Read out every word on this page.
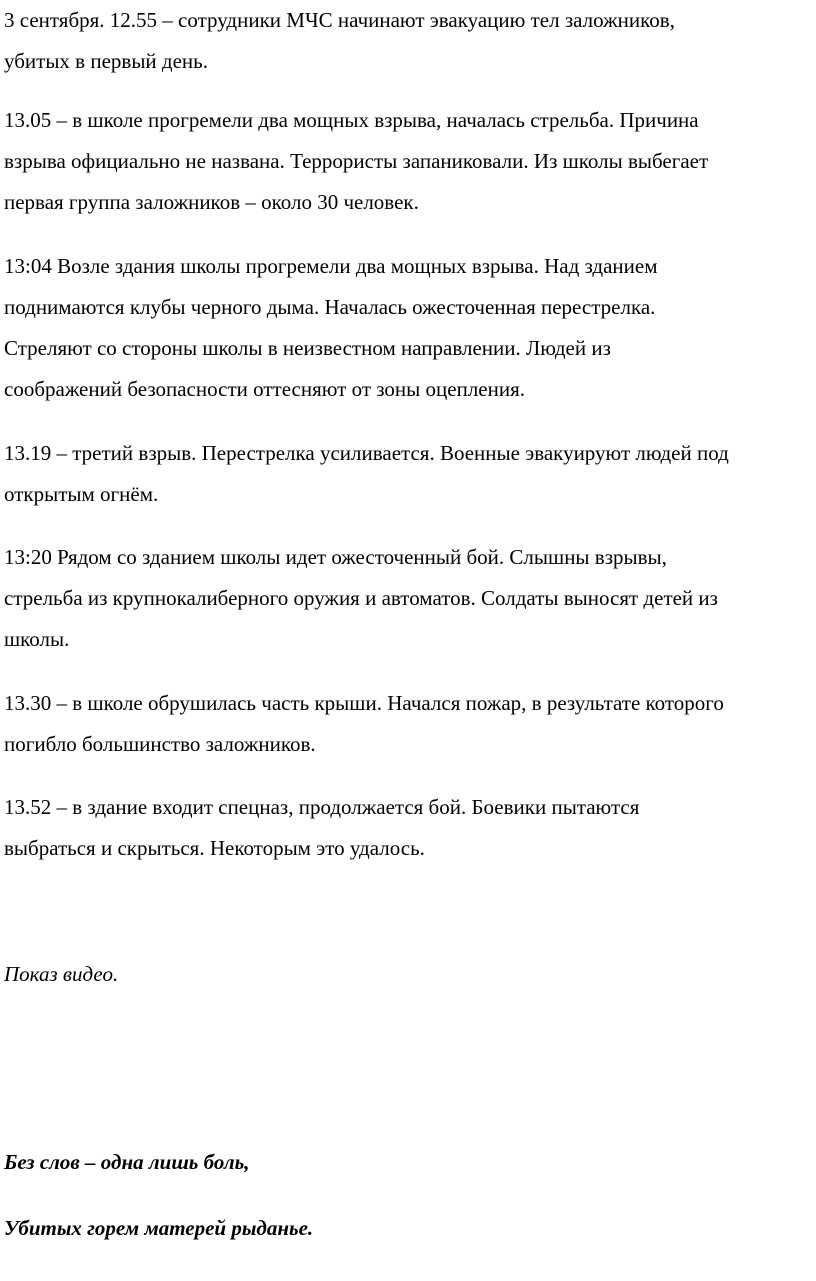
3 сентября. 12.55 – сотрудники МЧС начинают эвакуацию тел заложников,
убитых в первый день.

13.05 – в школе прогремели два мощных взрыва, началась стрельба. Причина
взрыва официально не названа. Террористы запаниковали. Из школы выбегает
первая группа заложников – около 30 человек.

13:04 Возле здания школы прогремели два мощных взрыва. Над зданием
поднимаются клубы черного дыма. Началась ожесточенная перестрелка.
Стреляют со стороны школы в неизвестном направлении. Людей из
соображений безопасности оттесняют от зоны оцепления.

13.19 – третий взрыв. Перестрелка усиливается. Военные эвакуируют людей под
открытым огнём.

13:20 Рядом со зданием школы идет ожесточенный бой. Слышны взрывы,
стрельба из крупнокалиберного оружия и автоматов. Солдаты выносят детей из
школы.

13.30 – в школе обрушилась часть крыши. Начался пожар, в результате которого
погибло большинство заложников.

13.52 – в здание входит спецназ, продолжается бой. Боевики пытаются
выбраться и скрыться. Некоторым это удалось.

Показ видео.

Без слов – одна лишь боль,

Убитых горем матерей рыданье.
